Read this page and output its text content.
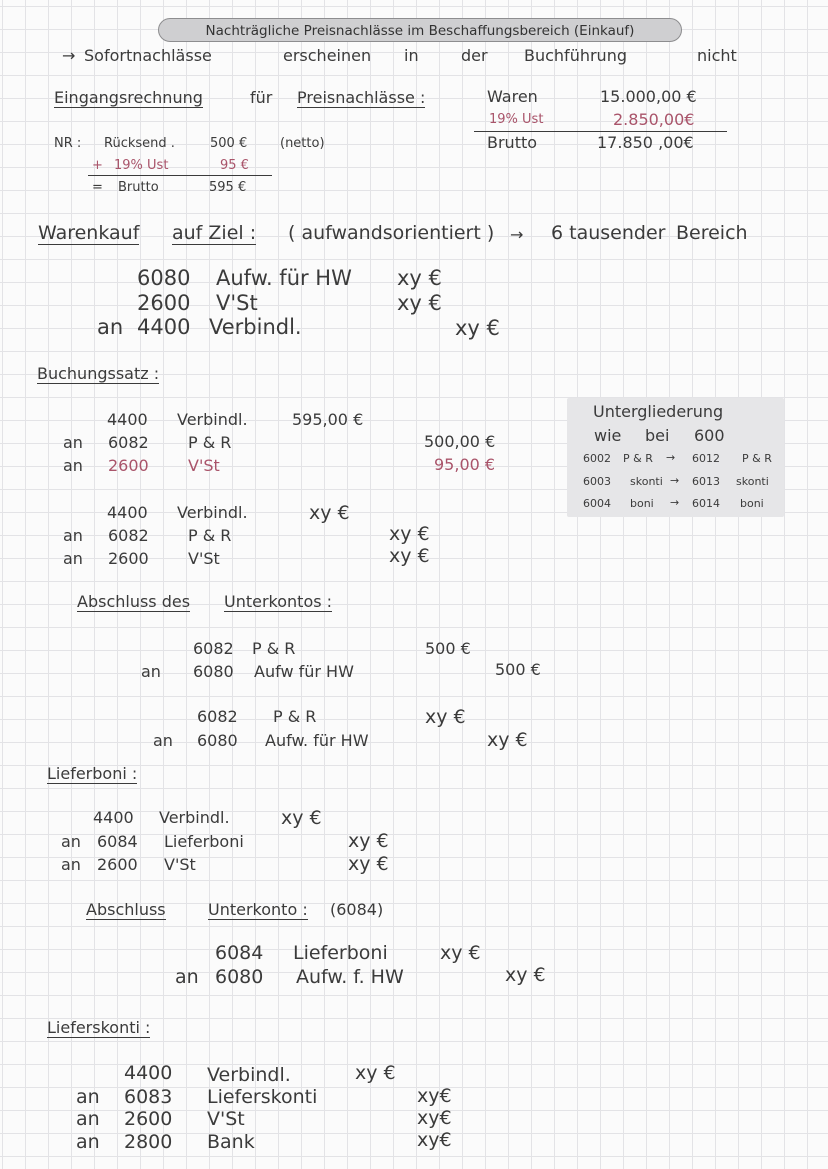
Nachträgliche Preisnachlässe im Beschaffungsbereich (Einkauf)
→ Sofortnachlässe	erscheinen in	der Buchführung	nicht
Eingangsrechnung	für Preisnachlässe :
NR : Rücksend .	500 €	(netto)
+ 19% Ust	95 €
= Brutto	595 €
Waren	15.000,00 €
19% Ust	2.850,00€
Brutto	17.850 ,00€
Warenkauf auf Ziel : ( aufwandsorientiert ) → 6 tausender Bereich
6080 Aufw. für HW xy €
2600 V'St	xy €
an 4400 Verbindl.	xy €
Buchungssatz :
4400 Verbindl.	595,00 €
an 6082 P & R	500,00 €
an 2600 V'St	95,00 €
4400 Verbindl.	xy €
an 6082 P & R	xy €
an 2600 V'St	xy €
Untergliederung
wie bei 600
6002 P & R → 6012 P & R
6003 skonti → 6013 skonti
6004 boni → 6014 boni
Abschluss des Unterkontos :
6082 P & R	500 €
an 6080 Aufw für HW	500 €
6082 P & R	xy €
an 6080 Aufw. für HW	xy €
Lieferboni :
4400 Verbindl.	xy €
an 6084 Lieferboni	xy €
an 2600 V'St	xy €
Abschluss	Unterkonto : (6084)
6084 Lieferboni	xy €
an 6080 Aufw. f. HW	xy €
Lieferskonti :
4400 Verbindl.	xy €
an 6083 Lieferskonti	xy€
an 2600 V'St	xy€
an 2800 Bank	xy€
